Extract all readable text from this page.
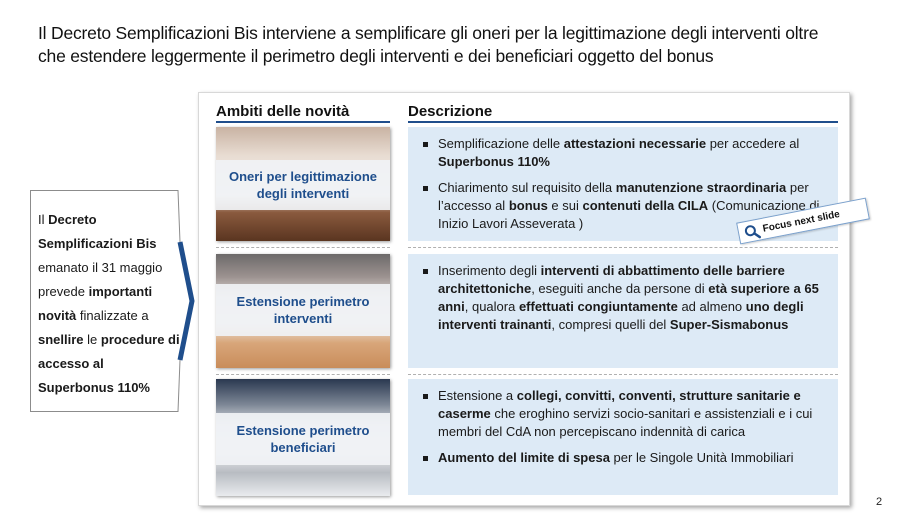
Il Decreto Semplificazioni Bis interviene a semplificare gli oneri per la legittimazione degli interventi oltre
che estendere leggermente il perimetro degli interventi e dei beneficiari oggetto del bonus
Il Decreto Semplificazioni Bis emanato il 31 maggio prevede importanti novità finalizzate a snellire le procedure di accesso al Superbonus 110%
Ambiti delle novità	Descrizione
Oneri per legittimazione
degli interventi
Semplificazione delle attestazioni necessarie per accedere al Superbonus 110%
Chiarimento sul requisito della manutenzione straordinaria per l’accesso al bonus e sui contenuti della CILA (Comunicazione di Inizio Lavori Asseverata )
Estensione perimetro
interventi
Inserimento degli interventi di abbattimento delle barriere architettoniche, eseguiti anche da persone di età superiore a 65 anni, qualora effettuati congiuntamente ad almeno uno degli interventi trainanti, compresi quelli del Super-Sismabonus
Estensione perimetro
beneficiari
Estensione a collegi, convitti, conventi, strutture sanitarie e caserme che eroghino servizi socio-sanitari e assistenziali e i cui membri del CdA non percepiscano indennità di carica
Aumento del limite di spesa per le Singole Unità Immobiliari
Focus next slide
2
